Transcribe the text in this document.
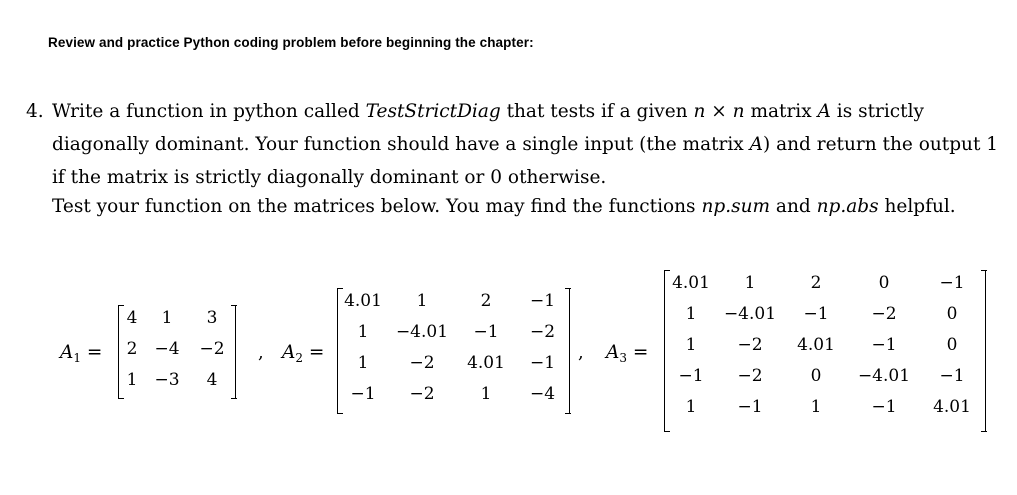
Review and practice Python coding problem before beginning the chapter:
4. Write a function in python called TestStrictDiag that tests if a given n × n matrix A is strictly
diagonally dominant. Your function should have a single input (the matrix A) and return the output 1
if the matrix is strictly diagonally dominant or 0 otherwise.
Test your function on the matrices below. You may find the functions np.sum and np.abs helpful.
$A_1$ =
4	1	3
2	−4	−2
1	−3	4
, $A_2$ =
4.01	1	2	−1
1	−4.01	−1	−2
1	−2	4.01	−1
−1	−2	1	−4
, $A_3$ =
4.01	1	2	0	−1
1	−4.01	−1	−2	0
1	−2	4.01	−1	0
−1	−2	0	−4.01	−1
1	−1	1	−1	4.01
